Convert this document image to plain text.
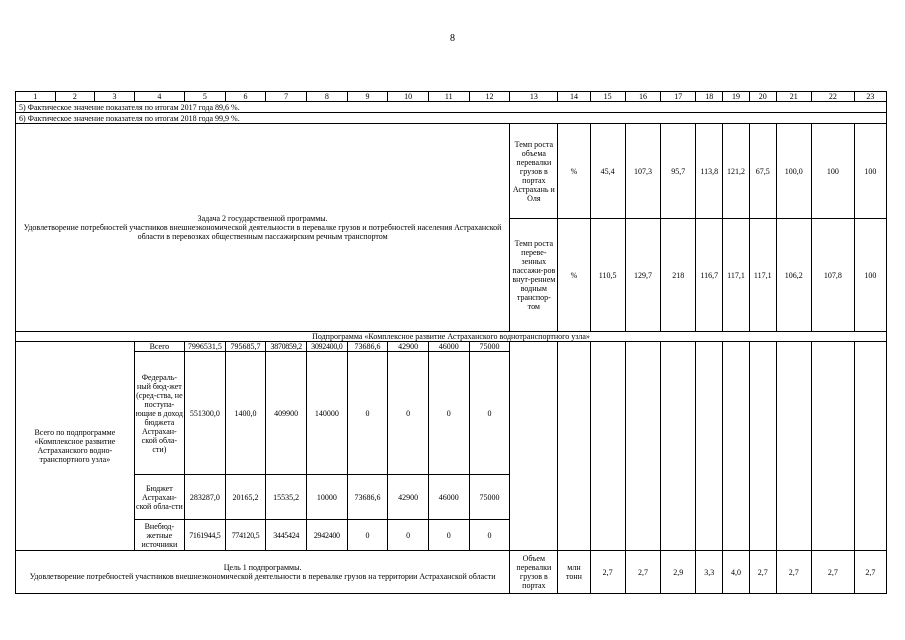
8
1	2	3	4	5	6	7	8	9	10	11	12	13	14	15	16	17	18	19	20	21	22	23
5) Фактическое значение показателя по итогам 2017 года 89,6 %.																						
6) Фактическое значение показателя по итогам 2018 года 99,9 %.																						

Задача 2 государственной программы.
Удовлетворение потребностей участников внешнеэкономической деятельности в перевалке грузов и потребностей населения Астраханской области в перевозках общественным пассажирским речным транспортом												Темп роста объема перевалки грузов в портах Астрахань и Оля	%	45,4	107,3	95,7	113,8	121,2	67,5	100,0	100	100
												Темп роста переве-зенных пассажи-ров внут-реннем водным транспор-том	%	110,5	129,7	218	116,7	117,1	117,1	106,2	107,8	100
Подпрограмма «Комплексное развитие Астраханского воднотранспортного узла»																						
Всего по подпрограмме «Комплексное развитие Астраханского водно-транспортного узла»			Всего	7996531,5	795685,7	3870859,2	3092400,0	73686,6	42900	46000	75000											
			Федераль-ный бюд-жет (сред-ства, не поступа-ющие в доход бюджета Астрахан-ской обла-сти)	551300,0	1400,0	409900	140000	0	0	0	0											
			Бюджет Астрахан-ской обла-сти	283287,0	20165,2	15535,2	10000	73686,6	42900	46000	75000											
			Внебюд-жетные источники	7161944,5	774120,5	3445424	2942400	0	0	0	0											

Цель 1 подпрограммы.
Удовлетворение потребностей участников внешнеэкономической деятельности в перевалке грузов на территории Астраханской области												Объем перевалки грузов в портах	млн тонн	2,7	2,7	2,9	3,3	4,0	2,7	2,7	2,7	2,7
